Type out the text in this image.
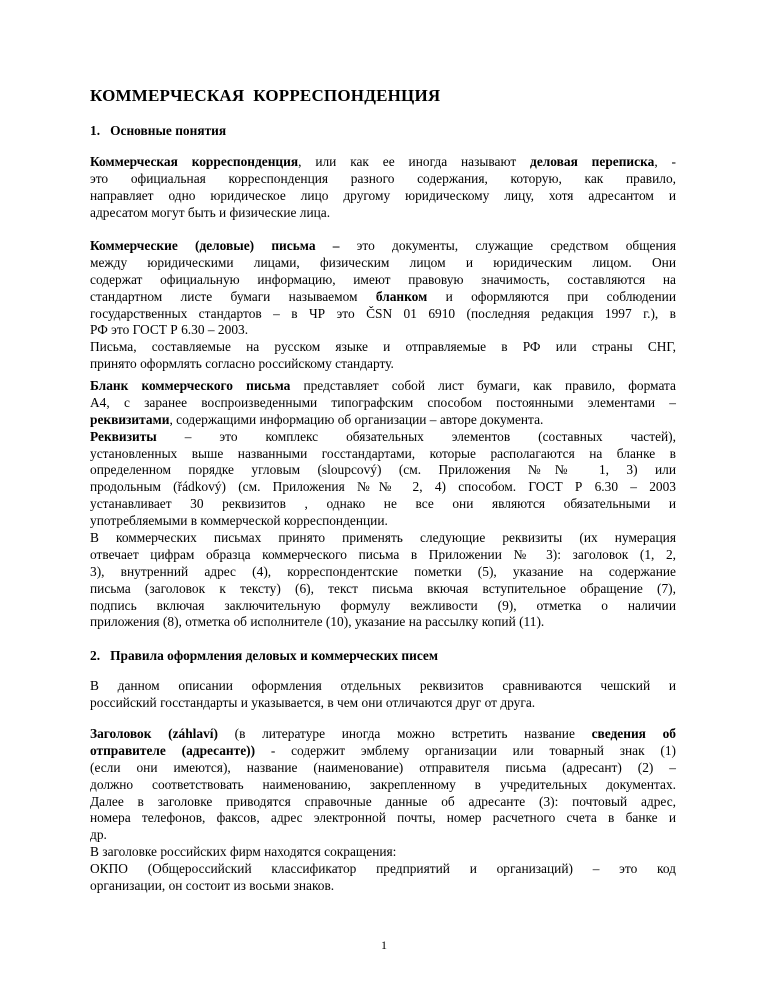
КОММЕРЧЕСКАЯ  КОРРЕСПОНДЕНЦИЯ
1.   Основные понятия
Коммерческая корреспонденция, или как ее иногда называют деловая переписка, -
это официальная корреспонденция разного содержания, которую, как правило,
направляет одно юридическое лицо другому юридическому лицу, хотя адресантом и
адресатом могут быть и физические лица.
Коммерческие (деловые) письма – это документы, служащие средством общения
между юридическими лицами, физическим лицом и юридическим лицом. Они
содержат официальную информацию, имеют правовую значимость, составляются на
стандартном листе бумаги называемом бланком и оформляются при соблюдении
государственных стандартов – в ЧР это ČSN 01 6910 (последняя редакция 1997 г.), в
РФ это ГОСТ Р 6.30 – 2003.
Письма, составляемые на русском языке и отправляемые в РФ или страны СНГ,
принято оформлять согласно российскому стандарту.
Бланк коммерческого письма представляет собой лист бумаги, как правило, формата
А4, с заранее воспроизведенными типографским способом постоянными элементами –
реквизитами, содержащими информацию об организации – авторе документа.
Реквизиты – это комплекс обязательных элементов (составных частей),
установленных выше названными госстандартами, которые располагаются на бланке в
определенном порядке угловым (sloupcový) (см. Приложения №№ 1, 3) или
продольным (řádkový) (см. Приложения №№ 2, 4) способом. ГОСТ Р 6.30 – 2003
устанавливает 30 реквизитов , однако не все они являются обязательными и
употребляемыми в коммерческой корреспонденции.
В коммерческих письмах принято применять следующие реквизиты (их нумерация
отвечает цифрам образца коммерческого письма в Приложении № 3): заголовок (1, 2,
3), внутренний адрес (4), корреспондентские пометки (5), указание на содержание
письма (заголовок к тексту) (6), текст письма вкючая вступительное обращение (7),
подпись включая заключительную формулу вежливости (9), отметка о наличии
приложения (8), отметка об исполнителе (10), указание на рассылку копий (11).
2.   Правила оформления деловых и коммерческих писем
В данном описании оформления отдельных реквизитов сравниваются чешский и
российский госстандарты и указывается, в чем они отличаются друг от друга.
Заголовок (záhlaví) (в литературе иногда можно встретить название сведения об
отправителе (адресанте)) - содержит эмблему организации или товарный знак (1)
(если они имеются), название (наименование) отправителя письма (адресант) (2) –
должно соответствовать наименованию, закрепленному в учредительных документах.
Далее в заголовке приводятся справочные данные об адресанте (3): почтовый адрес,
номера телефонов, факсов, адрес электронной почты, номер расчетного счета в банке и
др.
В заголовке российских фирм находятся сокращения:
ОКПО (Общероссийский классификатор предприятий и организаций) – это код
организации, он состоит из восьми знаков.
1
